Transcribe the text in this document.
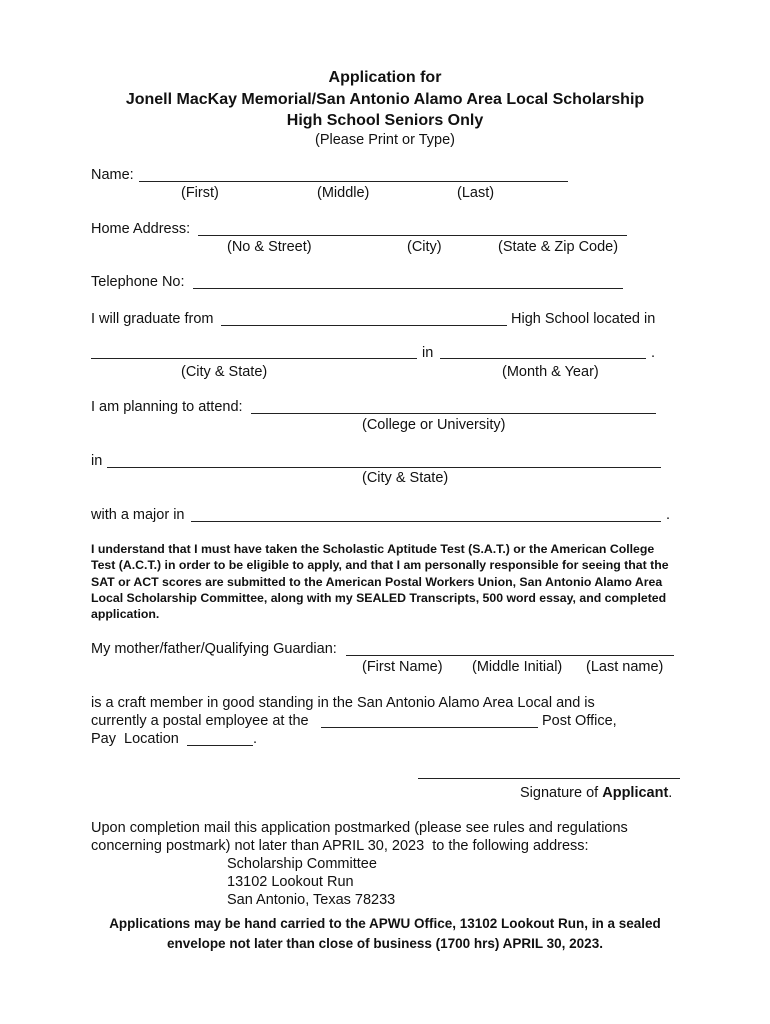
Application for
Jonell MacKay Memorial/San Antonio Alamo Area Local Scholarship
High School Seniors Only
(Please Print or Type)
Name:
(First)	(Middle)	(Last)
Home Address:
(No & Street)	(City)	(State & Zip Code)
Telephone No:
I will graduate from	High School located in
in	.
(City & State)	(Month & Year)
I am planning to attend:
(College or University)
in
(City & State)
with a major in	.
I understand that I must have taken the Scholastic Aptitude Test (S.A.T.) or the American College Test (A.C.T.) in order to be eligible to apply, and that I am personally responsible for seeing that the SAT or ACT scores are submitted to the American Postal Workers Union, San Antonio Alamo Area Local Scholarship Committee, along with my SEALED Transcripts, 500 word essay, and completed application.
My mother/father/Qualifying Guardian:
(First Name) (Middle Initial) (Last name)
is a craft member in good standing in the San Antonio Alamo Area Local and is
currently a postal employee at the	Post Office,
Pay  Location	.
Signature of Applicant.
Upon completion mail this application postmarked (please see rules and regulations
concerning postmark) not later than APRIL 30, 2023  to the following address:
Scholarship Committee
13102 Lookout Run
San Antonio, Texas 78233
Applications may be hand carried to the APWU Office, 13102 Lookout Run, in a sealed envelope not later than close of business (1700 hrs) APRIL 30, 2023.
